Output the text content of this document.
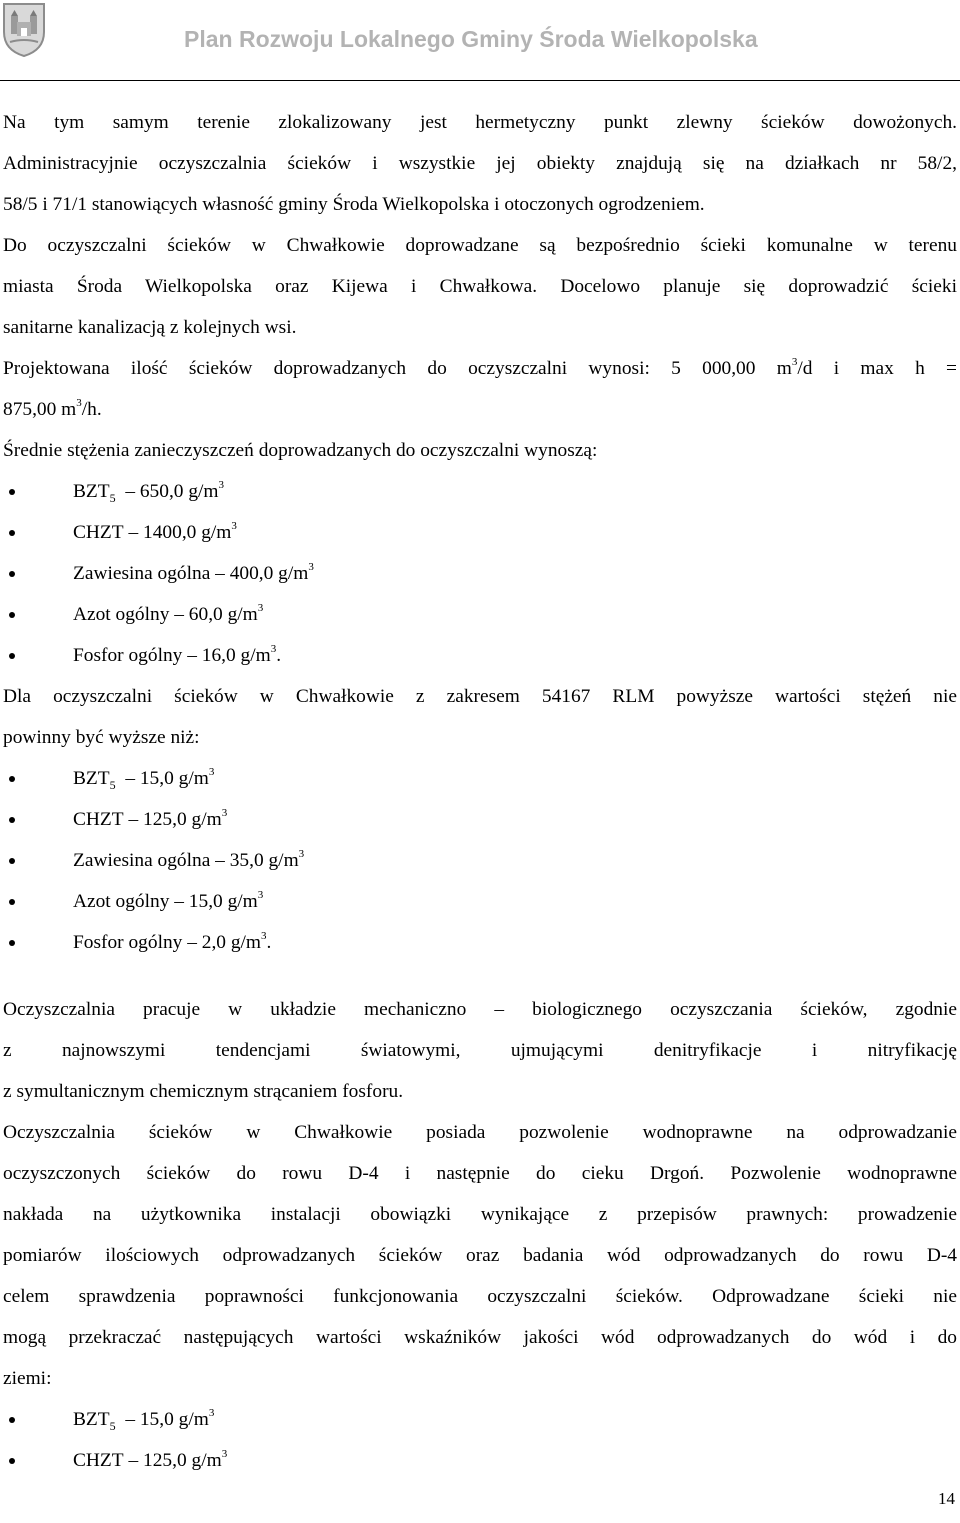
Plan Rozwoju Lokalnego Gminy Środa Wielkopolska

Na tym samym terenie zlokalizowany jest hermetyczny punkt zlewny ścieków dowożonych.

Administracyjnie oczyszczalnia ścieków i wszystkie jej obiekty znajdują się na działkach nr 58/2,

58/5 i 71/1 stanowiących własność gminy Środa Wielkopolska i otoczonych ogrodzeniem.

Do oczyszczalni ścieków w Chwałkowie doprowadzane są bezpośrednio ścieki komunalne w terenu

miasta Środa Wielkopolska oraz Kijewa i Chwałkowa. Docelowo planuje się doprowadzić ścieki

sanitarne kanalizacją z kolejnych wsi.

Projektowana ilość ścieków doprowadzanych do oczyszczalni wynosi: 5 000,00 $m^3/d$ i max h =

875,00 $m^3/h$.

Średnie stężenia zanieczyszczeń doprowadzanych do oczyszczalni wynoszą:

$BZT_5 - 650,0$ $g/m^3$
CHZT – 1400,0 $g/m^3$
Zawiesina ogólna – 400,0 $g/m^3$
Azot ogólny – 60,0 $g/m^3$
Fosfor ogólny – 16,0 $g/m^3$.

Dla oczyszczalni ścieków w Chwałkowie z zakresem 54167 RLM powyższe wartości stężeń nie

powinny być wyższe niż:

$BZT_5 - 15,0$ $g/m^3$
CHZT – 125,0 $g/m^3$
Zawiesina ogólna – 35,0 $g/m^3$
Azot ogólny – 15,0 $g/m^3$
Fosfor ogólny – 2,0 $g/m^3$.

Oczyszczalnia pracuje w układzie mechaniczno – biologicznego oczyszczania ścieków, zgodnie

z najnowszymi tendencjami światowymi, ujmującymi denitryfikacje i nitryfikację

z symultanicznym chemicznym strącaniem fosforu.

Oczyszczalnia ścieków w Chwałkowie posiada pozwolenie wodnoprawne na odprowadzanie

oczyszczonych ścieków do rowu D-4 i następnie do cieku Drgoń. Pozwolenie wodnoprawne

nakłada na użytkownika instalacji obowiązki wynikające z przepisów prawnych: prowadzenie

pomiarów ilościowych odprowadzanych ścieków oraz badania wód odprowadzanych do rowu D-4

celem sprawdzenia poprawności funkcjonowania oczyszczalni ścieków. Odprowadzane ścieki nie

mogą przekraczać następujących wartości wskaźników jakości wód odprowadzanych do wód i do

ziemi:

$BZT_5 - 15,0$ $g/m^3$
CHZT – 125,0 $g/m^3$
14
